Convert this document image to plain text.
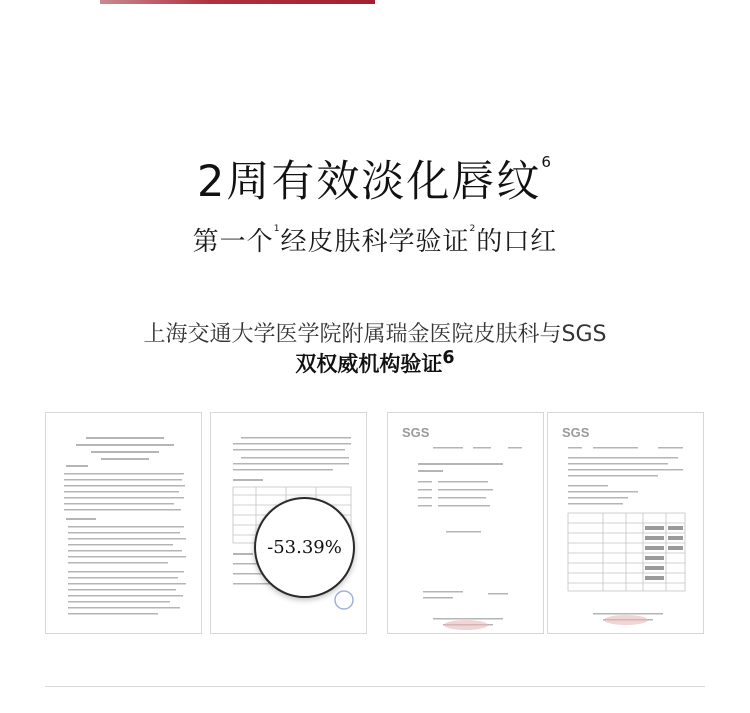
2周有效淡化唇纹$^6$
第一个$^1$经皮肤科学验证$^2$的口红
上海交通大学医学院附属瑞金医院皮肤科与SGS
双权威机构验证$^6$
-53.39%
SGS	SGS
